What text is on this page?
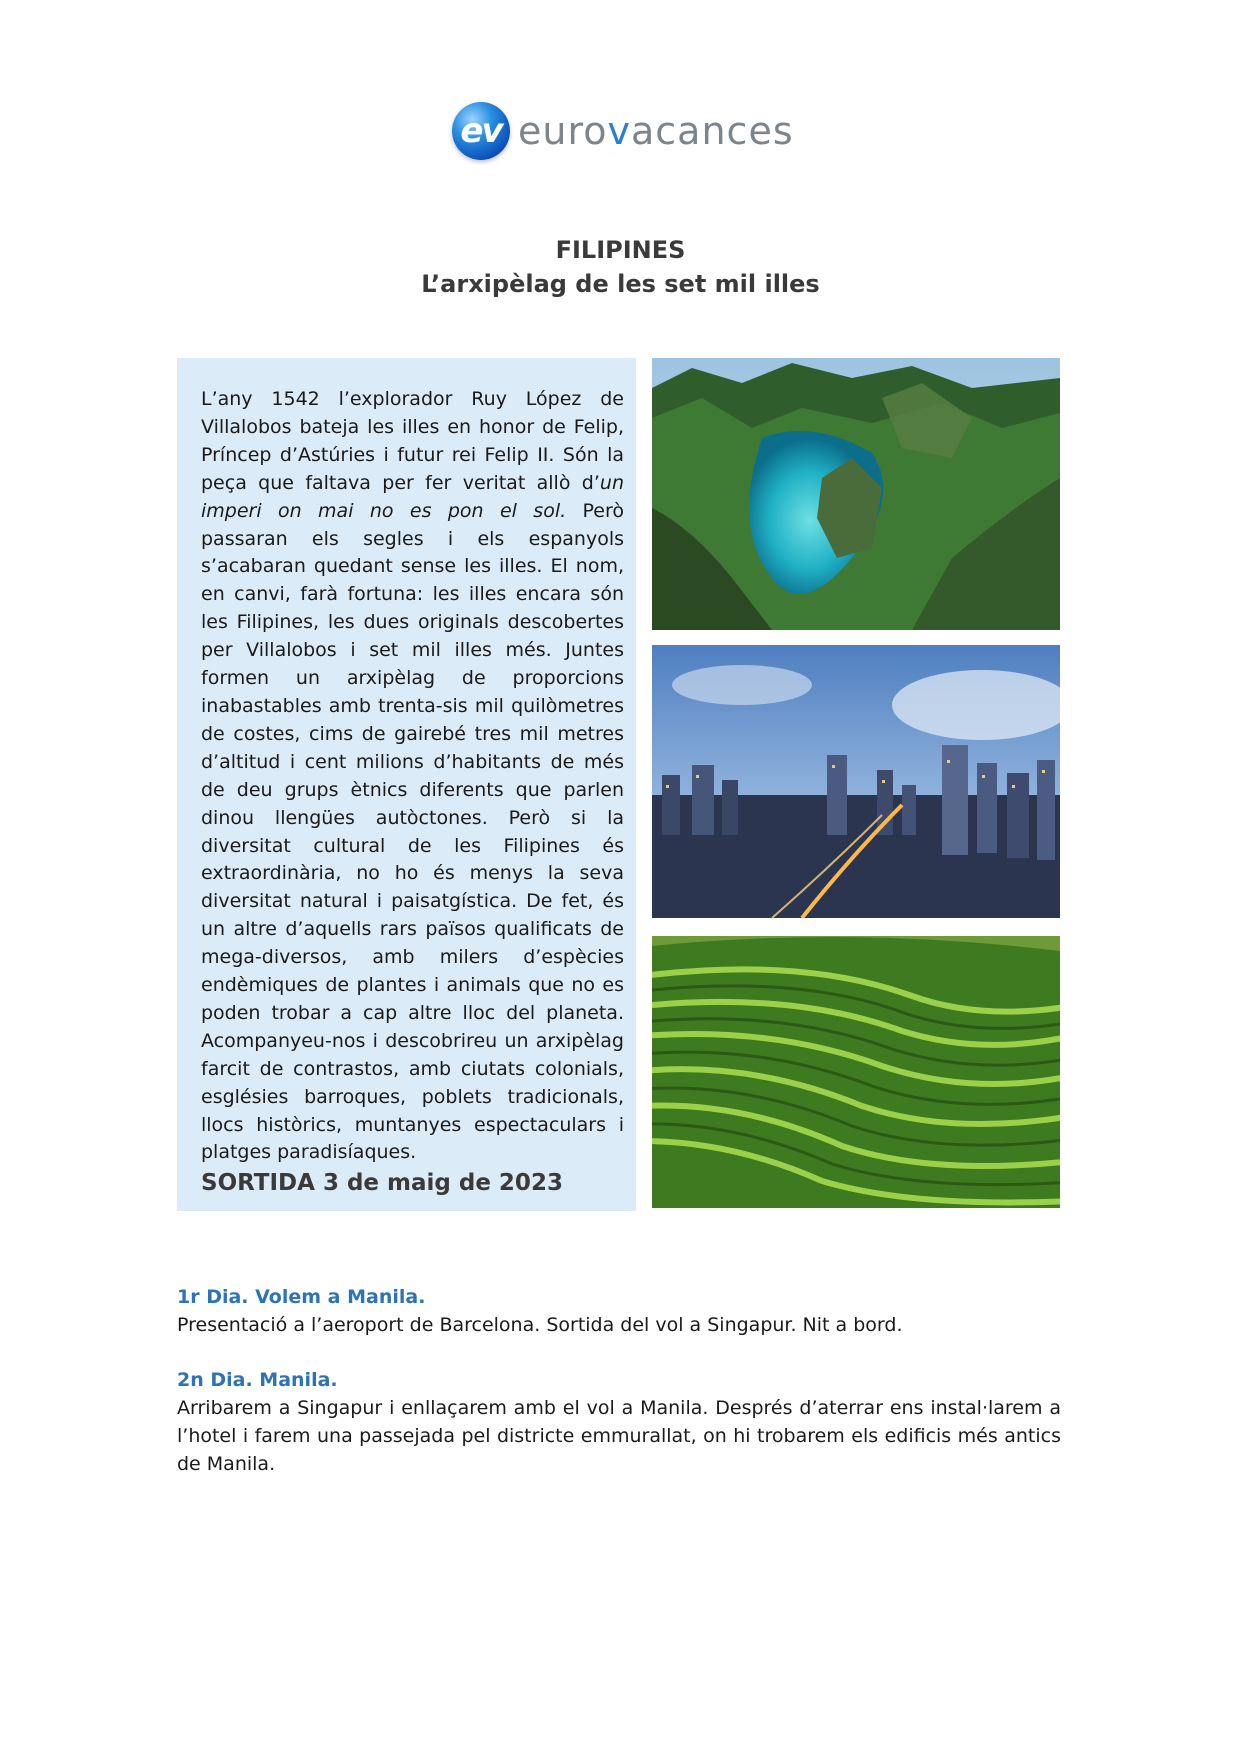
ev eurovacances
FILIPINES
L’arxipèlag de les set mil illes
L’any 1542 l’explorador Ruy López de Villalobos bateja les illes en honor de Felip, Príncep d’Astúries i futur rei Felip II. Són la peça que faltava per fer veritat allò d’un imperi on mai no es pon el sol. Però passaran els segles i els espanyols s’acabaran quedant sense les illes. El nom, en canvi, farà fortuna: les illes encara són les Filipines, les dues originals descobertes per Villalobos i set mil illes més. Juntes formen un arxipèlag de proporcions inabastables amb trenta-sis mil quilòmetres de costes, cims de gairebé tres mil metres d’altitud i cent milions d’habitants de més de deu grups ètnics diferents que parlen dinou llengües autòctones. Però si la diversitat cultural de les Filipines és extraordinària, no ho és menys la seva diversitat natural i paisatgística. De fet, és un altre d’aquells rars països qualificats de mega-diversos, amb milers d’espècies endèmiques de plantes i animals que no es poden trobar a cap altre lloc del planeta. Acompanyeu-nos i descobrireu un arxipèlag farcit de contrastos, amb ciutats colonials, esglésies barroques, poblets tradicionals, llocs històrics, muntanyes espectaculars i platges paradisíaques.
SORTIDA 3 de maig de 2023
1r Dia. Volem a Manila.
Presentació a l’aeroport de Barcelona. Sortida del vol a Singapur. Nit a bord.
2n Dia. Manila.
Arribarem a Singapur i enllaçarem amb el vol a Manila. Després d’aterrar ens instal·larem a l’hotel i farem una passejada pel districte emmurallat, on hi trobarem els edificis més antics de Manila.
